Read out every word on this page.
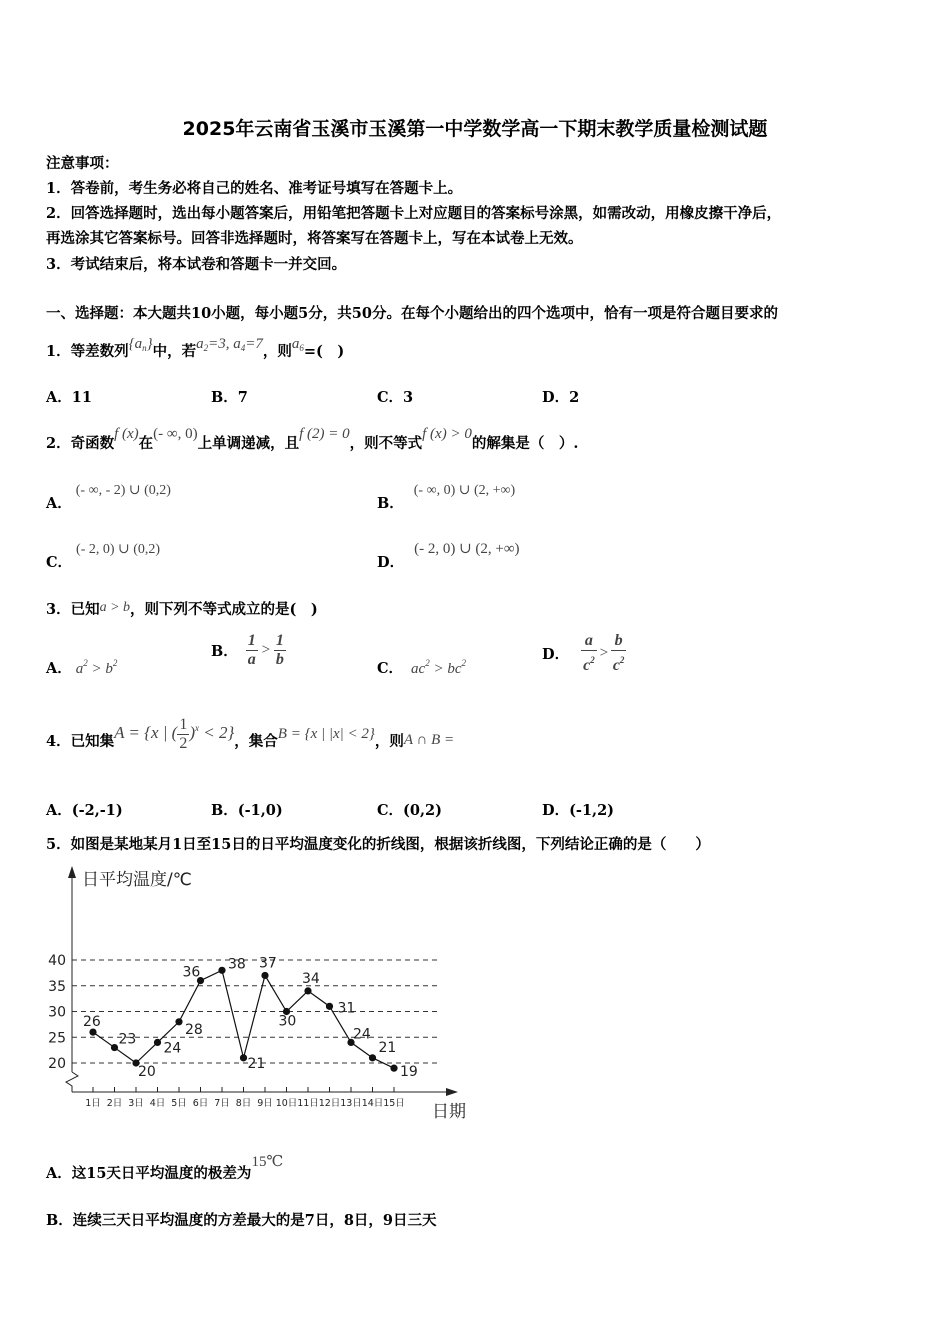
2025年云南省玉溪市玉溪第一中学数学高一下期末教学质量检测试题
注意事项：
1．答卷前，考生务必将自己的姓名、准考证号填写在答题卡上。
2．回答选择题时，选出每小题答案后，用铅笔把答题卡上对应题目的答案标号涂黑，如需改动，用橡皮擦干净后，
再选涂其它答案标号。回答非选择题时，将答案写在答题卡上，写在本试卷上无效。
3．考试结束后，将本试卷和答题卡一并交回。
一、选择题：本大题共10小题，每小题5分，共50分。在每个小题给出的四个选项中，恰有一项是符合题目要求的
1．等差数列$\{a_n\}$中，若$a_2=3$, $a_4=7$，则$a_6=$(　)
A．11	B．7	C．3	D．2
2．奇函数f (x)在(- ∞, 0)上单调递减，且f (2) = 0，则不等式f (x) > 0的解集是（　）.
A．(- ∞, - 2) ∪ (0,2)
B．(- ∞, 0) ∪ (2, +∞)
C．(- 2, 0) ∪ (0,2)
D．(- 2, 0) ∪ (2, +∞)
3．已知a > b，则下列不等式成立的是(　)
A． $a^2 > b^2$
B． $\frac{1}{a} > \frac{1}{b}$	C． $ac^2 > bc^2$	D． $\frac{a}{c^2} > \frac{b}{c^2}$
4．已知集A = {x | ( $\frac{1}{2} )^x < 2$}，集合B = {x | |x| < 2}，则A ∩ B =
A．(-2,-1)	B．(-1,0)	C．(0,2)	D．(-1,2)
5．如图是某地某月1日至15日的日平均温度变化的折线图，根据该折线图，下列结论正确的是（　　）
20
25
30
35
40
1日 2日 3日 4日 5日 6日 7日 8日 9日 10日 11日 12日 13日 14日 15日
26
23
20
24
28
36
38
21
37
30
34
31
24
21
19
日平均温度/℃
日期
A．这15天日平均温度的极差为15℃
B．连续三天日平均温度的方差最大的是7日，8日，9日三天
